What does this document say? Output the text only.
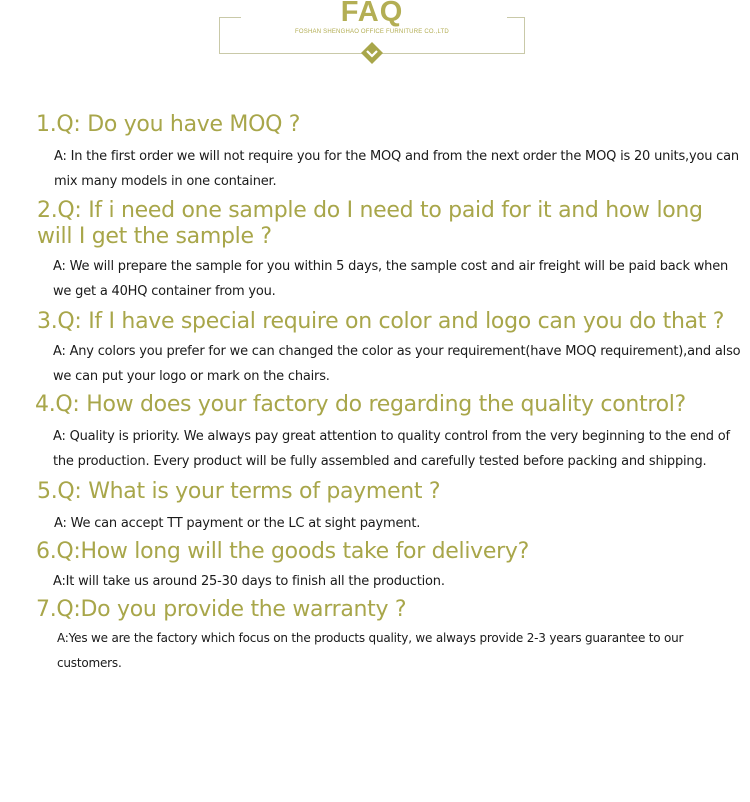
FAQ
FOSHAN SHENGHAO OFFICE FURNITURE CO.,LTD
1.Q: Do you have MOQ ?
A: In the first order we will not require you for the MOQ and from the next order the MOQ is 20 units,you can mix many models in one container.
2.Q: If i need one sample do I need to paid for it and how long will I get the sample ?
A: We will prepare the sample for you within 5 days, the sample cost and air freight will be paid back when we get a 40HQ container from you.
3.Q: If I have special require on color and logo can you do that ?
A: Any colors you prefer for we can changed the color as your requirement(have MOQ requirement),and also we can put your logo or mark on the chairs.
4.Q: How does your factory do regarding the quality control?
A: Quality is priority. We always pay great attention to quality control from the very beginning to the end of the production. Every product will be fully assembled and carefully tested before packing and shipping.
5.Q: What is your terms of payment ?
A: We can accept TT payment or the LC at sight payment.
6.Q:How long will the goods take for delivery?
A:It will take us around 25-30 days to finish all the production.
7.Q:Do you provide the warranty ?
A:Yes we are the factory which focus on the products quality, we always provide 2-3 years guarantee to our customers.
